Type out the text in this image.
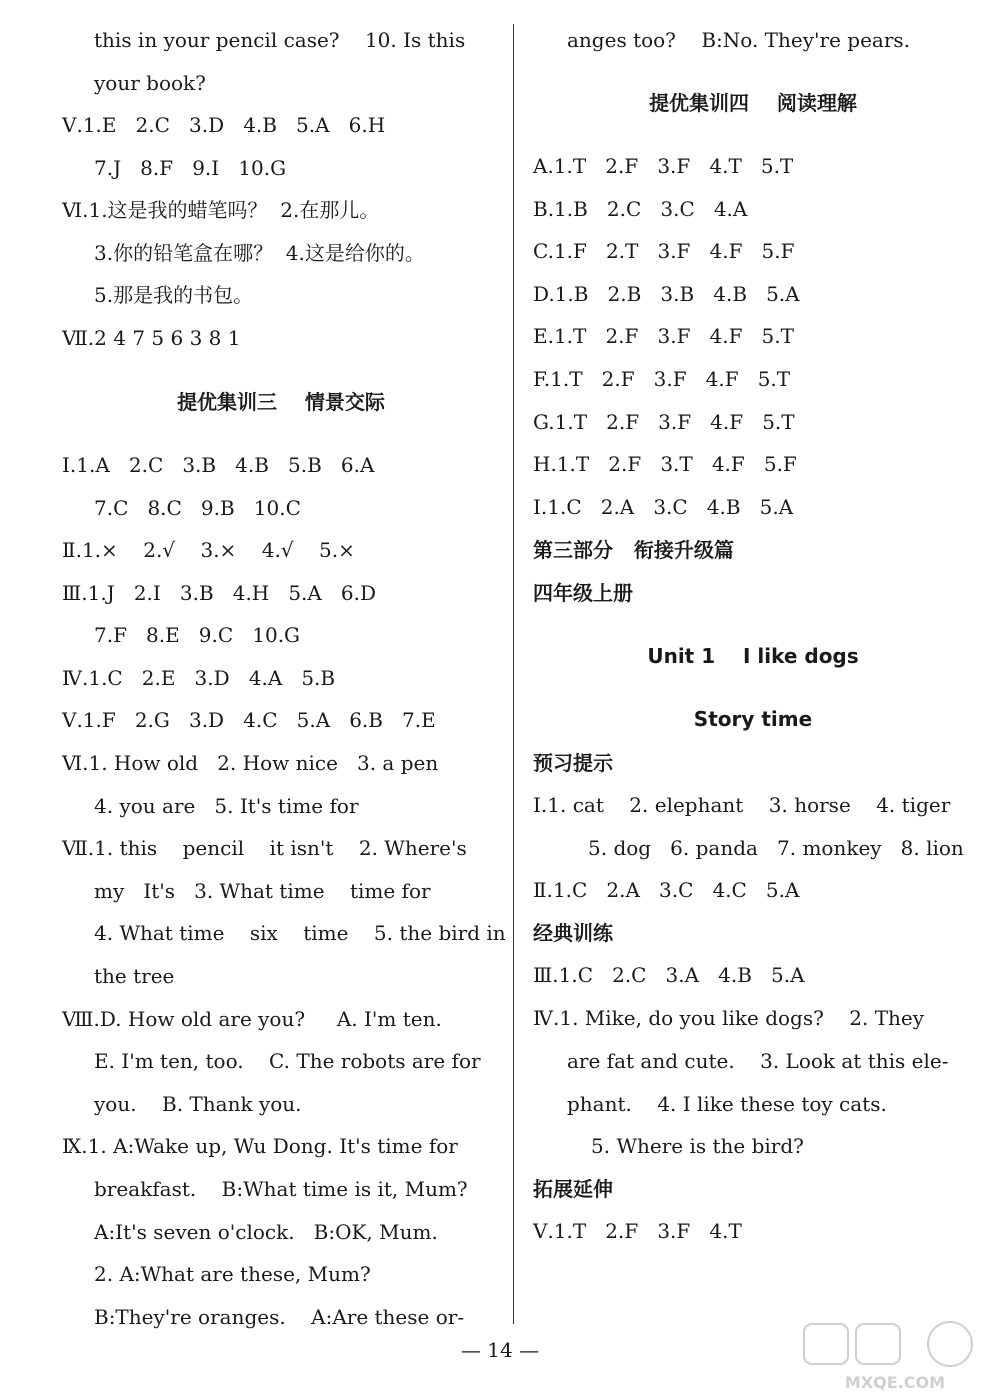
this in your pencil case?    10. Is this
your book?
Ⅴ.1.E   2.C   3.D   4.B   5.A   6.H
7.J   8.F   9.I   10.G
Ⅵ.1.这是我的蜡笔吗？  2.在那儿。
3.你的铅笔盒在哪？  4.这是给你的。
5.那是我的书包。
Ⅶ.2 4 7 5 6 3 8 1
提优集训三    情景交际
Ⅰ.1.A   2.C   3.B   4.B   5.B   6.A
7.C   8.C   9.B   10.C
Ⅱ.1.×    2.√    3.×    4.√    5.×
Ⅲ.1.J   2.I   3.B   4.H   5.A   6.D
7.F   8.E   9.C   10.G
Ⅳ.1.C   2.E   3.D   4.A   5.B
Ⅴ.1.F   2.G   3.D   4.C   5.A   6.B   7.E
Ⅵ.1. How old   2. How nice   3. a pen
4. you are   5. It's time for
Ⅶ.1. this    pencil    it isn't    2. Where's
my   It's   3. What time    time for
4. What time    six    time    5. the bird in
the tree
Ⅷ.D. How old are you?     A. I'm ten.
E. I'm ten, too.    C. The robots are for
you.    B. Thank you.
Ⅸ.1. A:Wake up, Wu Dong. It's time for
breakfast.    B:What time is it, Mum?
A:It's seven o'clock.   B:OK, Mum.
2. A:What are these, Mum?
B:They're oranges.    A:Are these or-
anges too?    B:No. They're pears.
提优集训四    阅读理解
A.1.T   2.F   3.F   4.T   5.T
B.1.B   2.C   3.C   4.A
C.1.F   2.T   3.F   4.F   5.F
D.1.B   2.B   3.B   4.B   5.A
E.1.T   2.F   3.F   4.F   5.T
F.1.T   2.F   3.F   4.F   5.T
G.1.T   2.F   3.F   4.F   5.T
H.1.T   2.F   3.T   4.F   5.F
I.1.C   2.A   3.C   4.B   5.A
第三部分   衔接升级篇
四年级上册
Unit 1    I like dogs
Story time
预习提示
Ⅰ.1. cat    2. elephant    3. horse    4. tiger
5. dog   6. panda   7. monkey   8. lion
Ⅱ.1.C   2.A   3.C   4.C   5.A
经典训练
Ⅲ.1.C   2.C   3.A   4.B   5.A
Ⅳ.1. Mike, do you like dogs?    2. They
are fat and cute.    3. Look at this ele-
phant.    4. I like these toy cats.
5. Where is the bird?
拓展延伸
Ⅴ.1.T   2.F   3.F   4.T
— 14 —
MXQE.COM
